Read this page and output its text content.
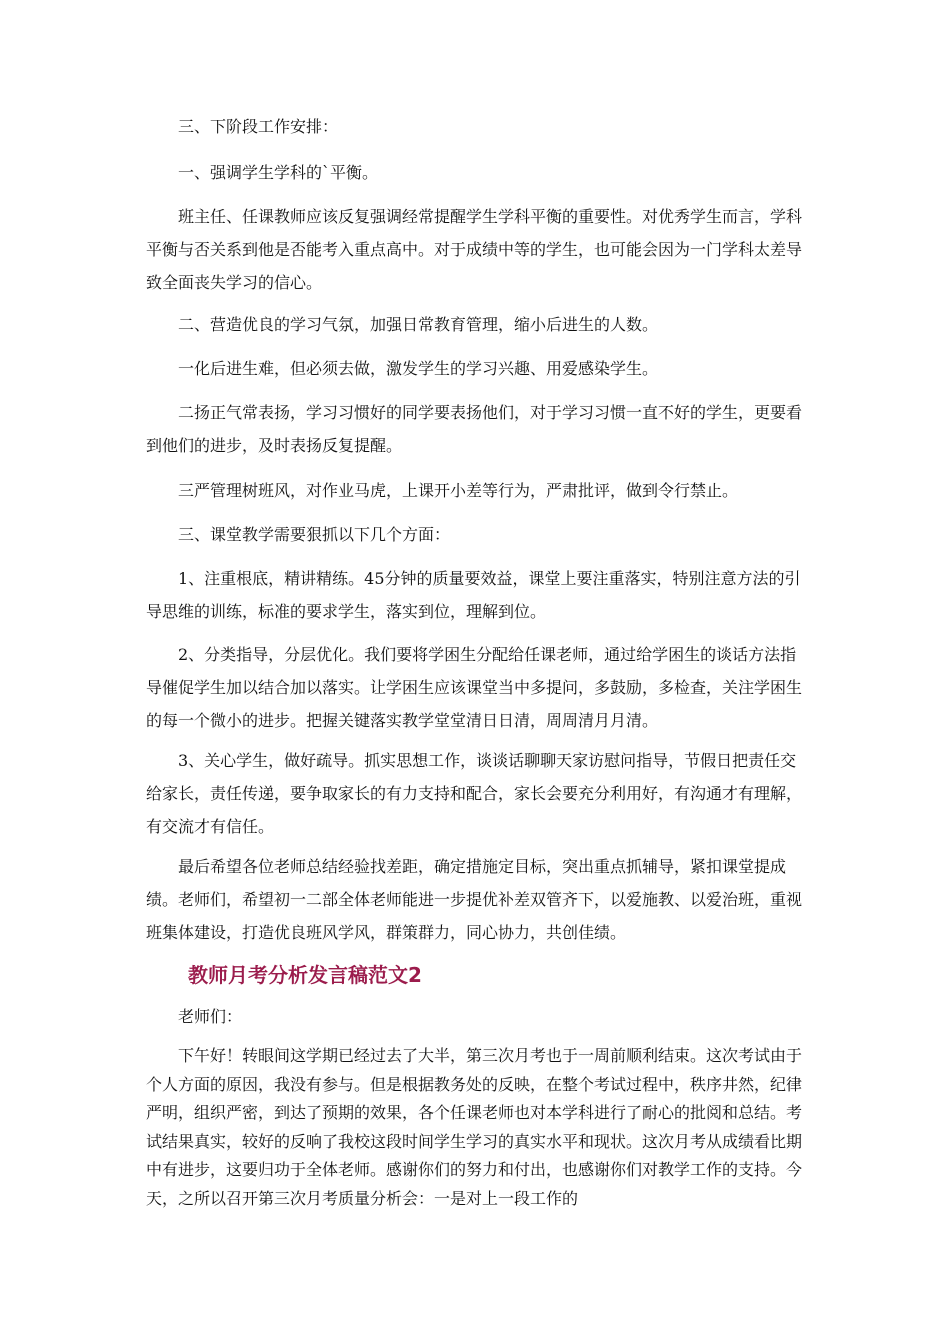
三、下阶段工作安排：

一、强调学生学科的`平衡。

班主任、任课教师应该反复强调经常提醒学生学科平衡的重要性。对优秀学生而言，学科平衡与否关系到他是否能考入重点高中。对于成绩中等的学生，也可能会因为一门学科太差导致全面丧失学习的信心。

二、营造优良的学习气氛，加强日常教育管理，缩小后进生的人数。

一化后进生难，但必须去做，激发学生的学习兴趣、用爱感染学生。

二扬正气常表扬，学习习惯好的同学要表扬他们，对于学习习惯一直不好的学生，更要看到他们的进步，及时表扬反复提醒。

三严管理树班风，对作业马虎，上课开小差等行为，严肃批评，做到令行禁止。

三、课堂教学需要狠抓以下几个方面：

1、注重根底，精讲精练。45分钟的质量要效益，课堂上要注重落实，特别注意方法的引导思维的训练，标准的要求学生，落实到位，理解到位。

2、分类指导，分层优化。我们要将学困生分配给任课老师，通过给学困生的谈话方法指导催促学生加以结合加以落实。让学困生应该课堂当中多提问，多鼓励，多检查，关注学困生的每一个微小的进步。把握关键落实教学堂堂清日日清，周周清月月清。

3、关心学生，做好疏导。抓实思想工作，谈谈话聊聊天家访慰问指导，节假日把责任交给家长，责任传递，要争取家长的有力支持和配合，家长会要充分利用好，有沟通才有理解，有交流才有信任。

最后希望各位老师总结经验找差距，确定措施定目标，突出重点抓辅导，紧扣课堂提成绩。老师们，希望初一二部全体老师能进一步提优补差双管齐下，以爱施教、以爱治班，重视班集体建设，打造优良班风学风，群策群力，同心协力，共创佳绩。

教师月考分析发言稿范文2

老师们：

下午好！转眼间这学期已经过去了大半，第三次月考也于一周前顺利结束。这次考试由于个人方面的原因，我没有参与。但是根据教务处的反映，在整个考试过程中，秩序井然，纪律严明，组织严密，到达了预期的效果，各个任课老师也对本学科进行了耐心的批阅和总结。考试结果真实，较好的反响了我校这段时间学生学习的真实水平和现状。这次月考从成绩看比期中有进步，这要归功于全体老师。感谢你们的努力和付出，也感谢你们对教学工作的支持。今天，之所以召开第三次月考质量分析会：一是对上一段工作的
